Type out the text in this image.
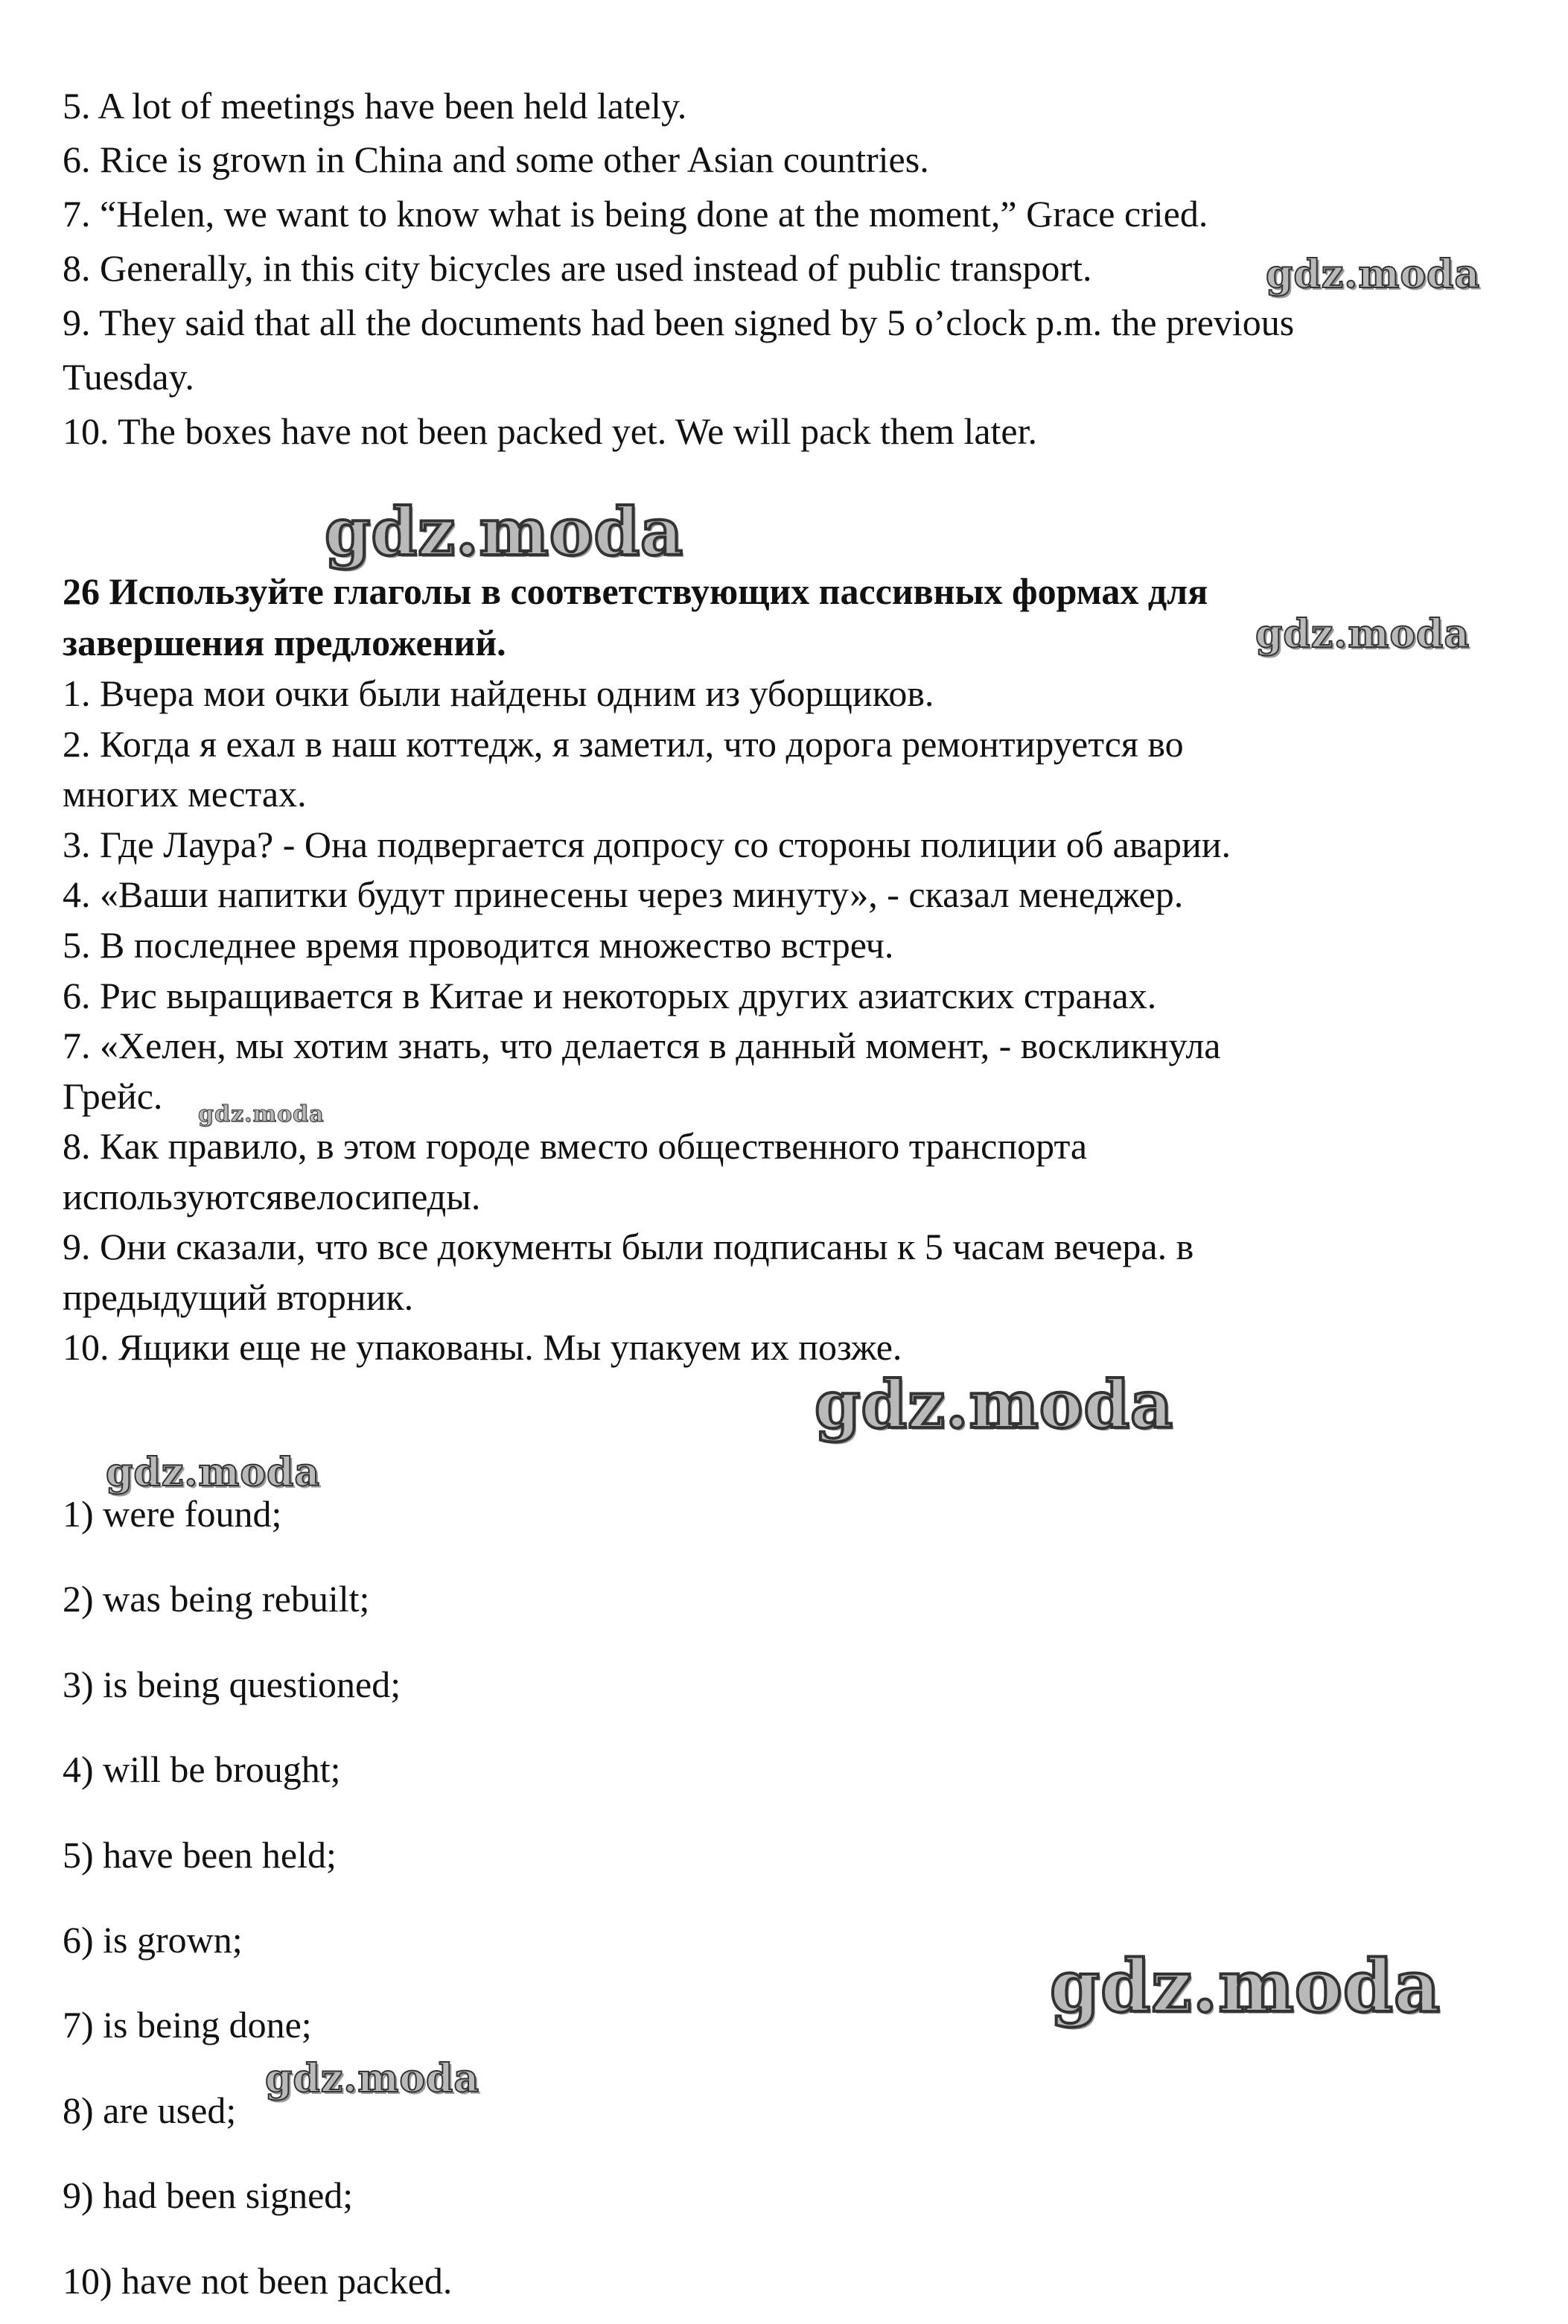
5. A lot of meetings have been held lately.
6. Rice is grown in China and some other Asian countries.
7. “Helen, we want to know what is being done at the moment,” Grace cried.
8. Generally, in this city bicycles are used instead of public transport.
9. They said that all the documents had been signed by 5 o’clock p.m. the previous
Tuesday.
10. The boxes have not been packed yet. We will pack them later.
26 Используйте глаголы в соответствующих пассивных формах для
завершения предложений.
1. Вчера мои очки были найдены одним из уборщиков.
2. Когда я ехал в наш коттедж, я заметил, что дорога ремонтируется во
многих местах.
3. Где Лаура? - Она подвергается допросу со стороны полиции об аварии.
4. «Ваши напитки будут принесены через минуту», - сказал менеджер.
5. В последнее время проводится множество встреч.
6. Рис выращивается в Китае и некоторых других азиатских странах.
7. «Хелен, мы хотим знать, что делается в данный момент, - воскликнула
Грейс.
8. Как правило, в этом городе вместо общественного транспорта
используютсявелосипеды.
9. Они сказали, что все документы были подписаны к 5 часам вечера. в
предыдущий вторник.
10. Ящики еще не упакованы. Мы упакуем их позже.
1) were found;
2) was being rebuilt;
3) is being questioned;
4) will be brought;
5) have been held;
6) is grown;
7) is being done;
8) are used;
9) had been signed;
10) have not been packed.
gdz.moda
gdz.moda
gdz.moda
gdz.moda
gdz.moda
gdz.moda
gdz.moda
gdz.moda
